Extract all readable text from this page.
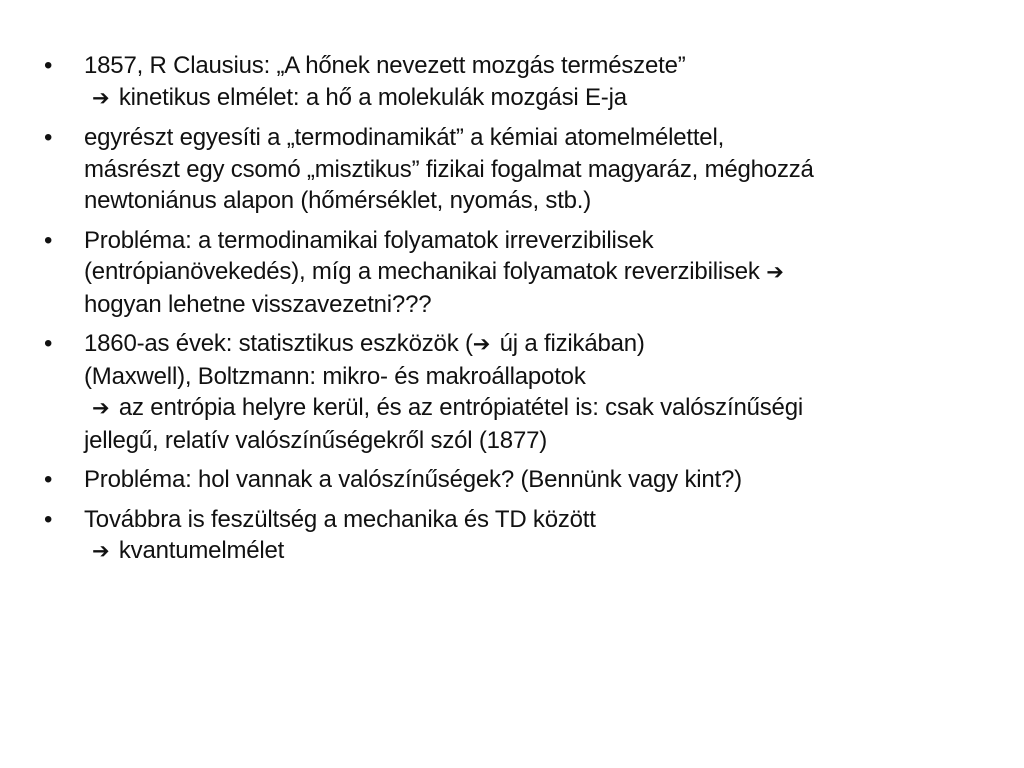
•	1857, R Clausius: „A hőnek nevezett mozgás természete”
➔ kinetikus elmélet: a hő a molekulák mozgási E-ja
•	egyrészt egyesíti a „termodinamikát” a kémiai atomelmélettel,
másrészt egy csomó „misztikus” fizikai fogalmat magyaráz, méghozzá
newtoniánus alapon (hőmérséklet, nyomás, stb.)
•	Probléma: a termodinamikai folyamatok irreverzibilisek
(entrópianövekedés), míg a mechanikai folyamatok reverzibilisek ➔
hogyan lehetne visszavezetni???
•	1860-as évek: statisztikus eszközök (➔ új a fizikában)
(Maxwell), Boltzmann: mikro- és makroállapotok
➔ az entrópia helyre kerül, és az entrópiatétel is: csak valószínűségi
jellegű, relatív valószínűségekről szól (1877)
•	Probléma: hol vannak a valószínűségek? (Bennünk vagy kint?)
•	Továbbra is feszültség a mechanika és TD között
➔ kvantumelmélet
